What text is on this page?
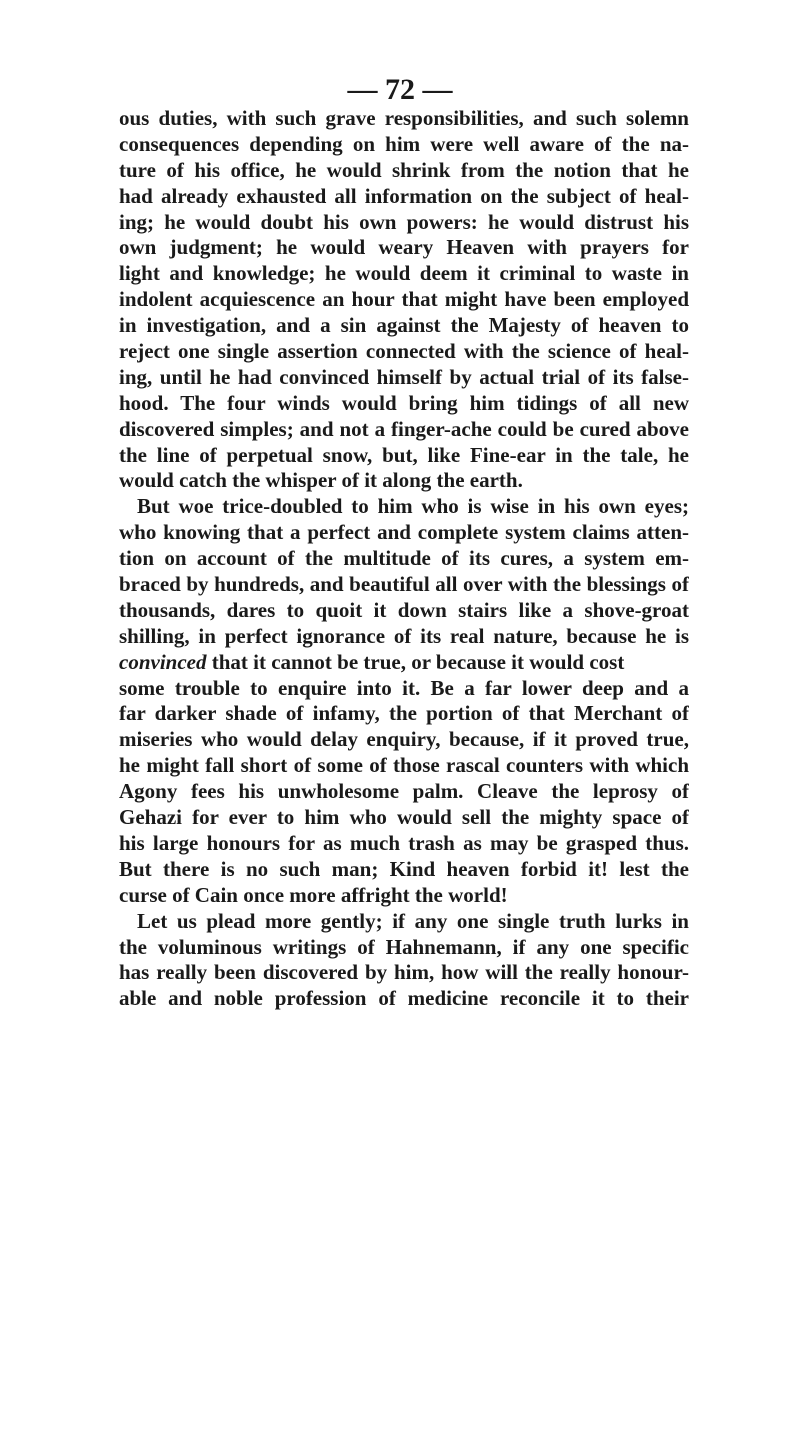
— 72 —
ous duties, with such grave responsibilities, and such solemn
consequences depending on him were well aware of the na-
ture of his office, he would shrink from the notion that he
had already exhausted all information on the subject of heal-
ing; he would doubt his own powers: he would distrust his
own judgment; he would weary Heaven with prayers for
light and knowledge; he would deem it criminal to waste in
indolent acquiescence an hour that might have been employed
in investigation, and a sin against the Majesty of heaven to
reject one single assertion connected with the science of heal-
ing, until he had convinced himself by actual trial of its false-
hood. The four winds would bring him tidings of all new
discovered simples; and not a finger-ache could be cured above
the line of perpetual snow, but, like Fine-ear in the tale, he
would catch the whisper of it along the earth.
But woe trice-doubled to him who is wise in his own eyes;
who knowing that a perfect and complete system claims atten-
tion on account of the multitude of its cures, a system em-
braced by hundreds, and beautiful all over with the blessings of
thousands, dares to quoit it down stairs like a shove-groat
shilling, in perfect ignorance of its real nature, because he is
convinced that it cannot be true, or because it would cost
some trouble to enquire into it. Be a far lower deep and a
far darker shade of infamy, the portion of that Merchant of
miseries who would delay enquiry, because, if it proved true,
he might fall short of some of those rascal counters with which
Agony fees his unwholesome palm. Cleave the leprosy of
Gehazi for ever to him who would sell the mighty space of
his large honours for as much trash as may be grasped thus.
But there is no such man; Kind heaven forbid it! lest the
curse of Cain once more affright the world!
Let us plead more gently; if any one single truth lurks in
the voluminous writings of Hahnemann, if any one specific
has really been discovered by him, how will the really honour-
able and noble profession of medicine reconcile it to their
